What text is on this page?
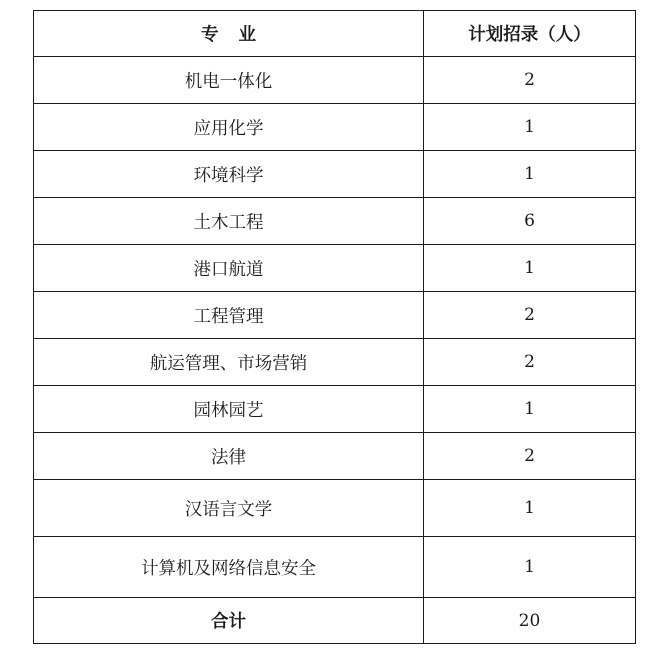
专业	计划招录（人）
机电一体化	2
应用化学	1
环境科学	1
土木工程	6
港口航道	1
工程管理	2
航运管理、市场营销	2
园林园艺	1
法律	2
汉语言文学	1
计算机及网络信息安全	1
合计	20
